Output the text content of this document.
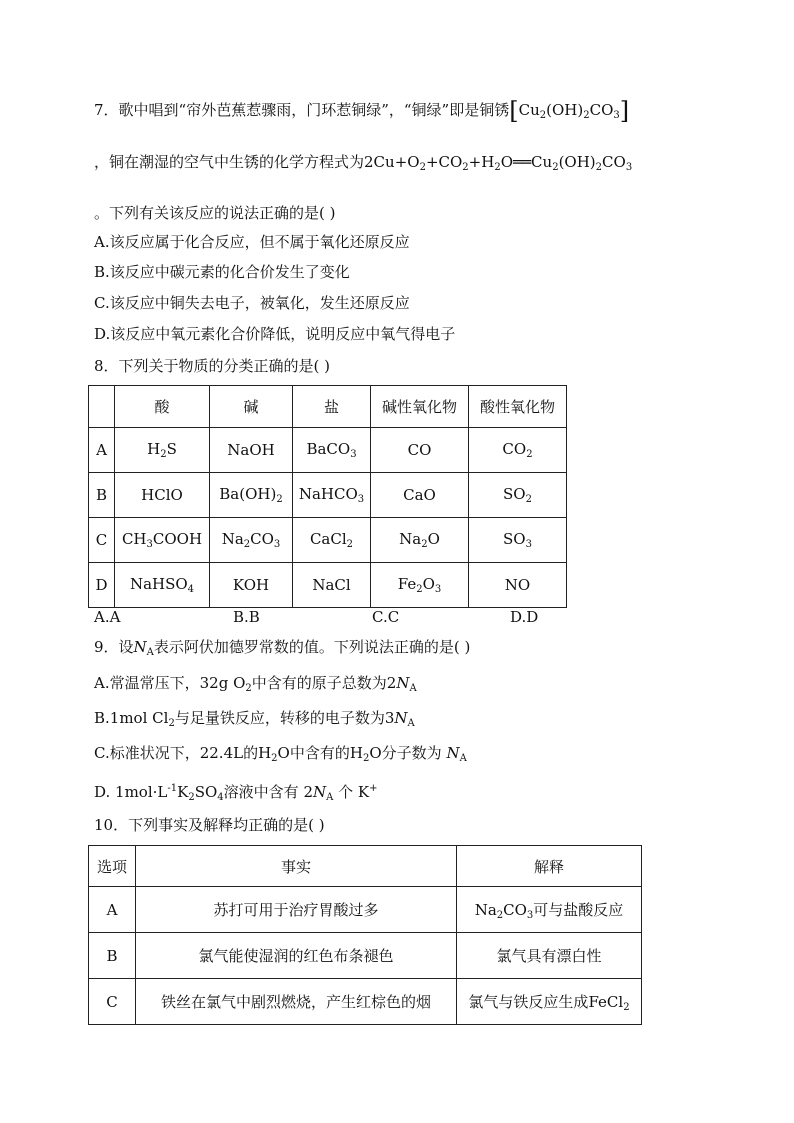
7．歌中唱到“帘外芭蕉惹骤雨，门环惹铜绿”，“铜绿”即是铜锈$[Cu_2(OH)_2CO_3]$
，铜在潮湿的空气中生锈的化学方程式为$2Cu+O_2+CO_2+H_2O══Cu_2(OH)_2CO_3$
。下列有关该反应的说法正确的是( )
A.该反应属于化合反应，但不属于氧化还原反应
B.该反应中碳元素的化合价发生了变化
C.该反应中铜失去电子，被氧化，发生还原反应
D.该反应中氧元素化合价降低，说明反应中氧气得电子
8．下列关于物质的分类正确的是( )
	酸	碱	盐	碱性氧化物	酸性氧化物
A	$H_2S$	NaOH	BaCO$_3$	CO	$CO_2$
B	HClO	$Ba(OH)_2$	NaHCO$_3$	CaO	$SO_2$
C	$CH_3COOH$	$Na_2CO_3$	CaCl$_2$	$Na_2O$	$SO_3$
D	NaHSO$_4$	KOH	NaCl	$Fe_2O_3$	NO
A.A	B.B	C.C	D.D
9．设$N_A$表示阿伏加德罗常数的值。下列说法正确的是( )
A.常温常压下，32g $O_2$中含有的原子总数为$2N_A$
B.1mol $Cl_2$与足量铁反应，转移的电子数为$3N_A$
C.标准状况下，22.4L的$H_2O$中含有的$H_2O$分子数为 $N_A$
D. $1mol\cdot L^{-1}K_2SO_4$溶液中含有 $2N_A$ 个 K+
10．下列事实及解释均正确的是( )
选项	事实	解释
A	苏打可用于治疗胃酸过多	$Na_2CO_3$可与盐酸反应
B	氯气能使湿润的红色布条褪色	氯气具有漂白性
C	铁丝在氯气中剧烈燃烧，产生红棕色的烟	氯气与铁反应生成FeCl$_2$
